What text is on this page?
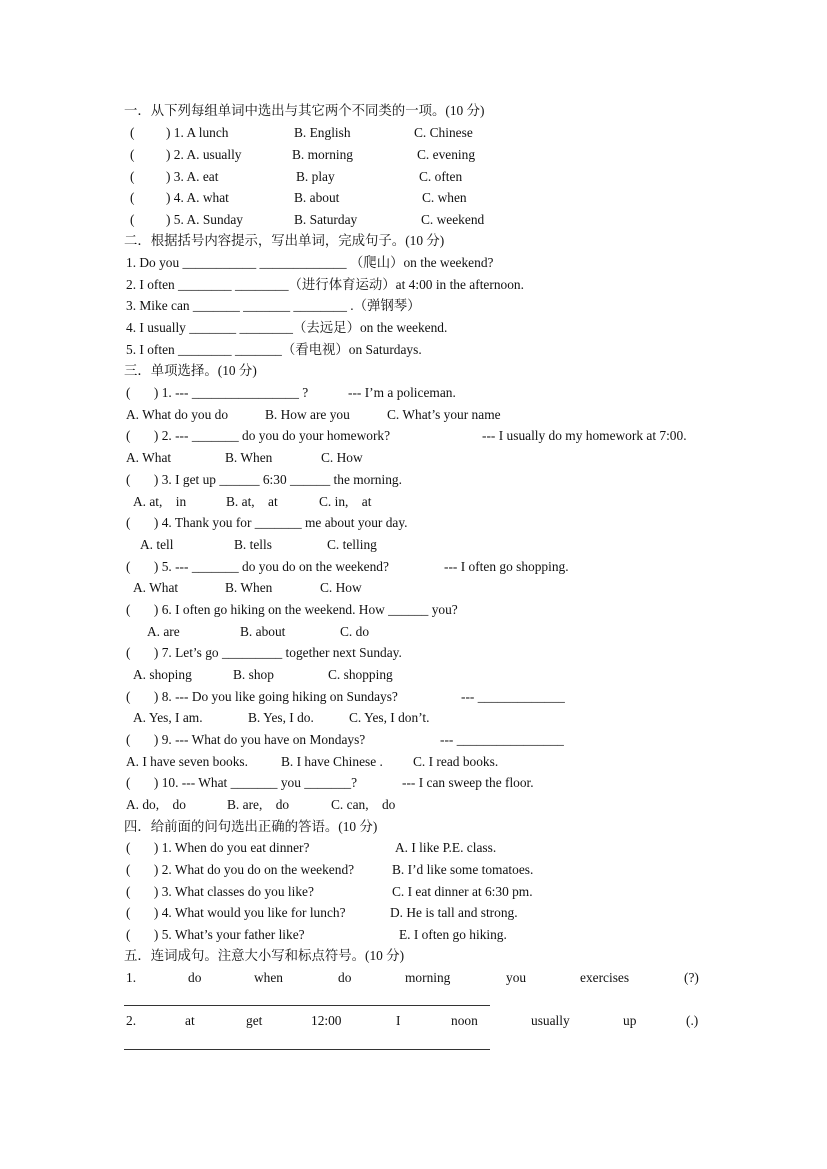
一．从下列每组单词中选出与其它两个不同类的一项。(10 分)
( ) 1. A lunch	B. English	C. Chinese
( ) 2. A. usually	B. morning	C. evening
( ) 3. A. eat	B. play	C. often
( ) 4. A. what	B. about	C. when
( ) 5. A. Sunday	B. Saturday	C. weekend
二．根据括号内容提示，写出单词，完成句子。(10 分)
1. Do you ___________ _____________ （爬山）on the weekend?
2. I often ________ ________（进行体育运动）at 4:00 in the afternoon.
3. Mike can _______ _______ ________ .（弹钢琴）
4. I usually _______ ________（去远足）on the weekend.
5. I often ________ _______（看电视）on Saturdays.
三．单项选择。(10 分)
(       ) 1. --- ________________ ?	--- I’m a policeman.
A. What do you do	B. How are you	C. What’s your name
(       ) 2. --- _______ do you do your homework?	--- I usually do my homework at 7:00.
A. What	B. When	C. How
(       ) 3. I get up ______ 6:30 ______ the morning.
A. at,    in	B. at,    at	C. in,    at
(       ) 4. Thank you for _______ me about your day.
A. tell	B. tells	C. telling
(       ) 5. --- _______ do you do on the weekend?	--- I often go shopping.
A. What	B. When	C. How
(       ) 6. I often go hiking on the weekend. How ______ you?
A. are	B. about	C. do
(       ) 7. Let’s go _________ together next Sunday.
A. shoping	B. shop	C. shopping
(       ) 8. --- Do you like going hiking on Sundays?	--- _____________
A. Yes, I am.	B. Yes, I do.	C. Yes, I don’t.
(       ) 9. --- What do you have on Mondays?	--- ________________
A. I have seven books. B. I have Chinese . C. I read books.
(       ) 10. --- What _______ you _______?	--- I can sweep the floor.
A. do,    do	B. are,    do	C. can,    do
四．给前面的问句选出正确的答语。(10 分)
(       ) 1. When do you eat dinner?	A. I like P.E. class.
(       ) 2. What do you do on the weekend?	B. I’d like some tomatoes.
(       ) 3. What classes do you like?	C. I eat dinner at 6:30 pm.
(       ) 4. What would you like for lunch?	D. He is tall and strong.
(       ) 5. What’s your father like?	E. I often go hiking.
五．连词成句。注意大小写和标点符号。(10 分)
1.	do	when	do	morning	you	exercises	(?)
2.	at	get	12:00	I	noon	usually	up	(.)
